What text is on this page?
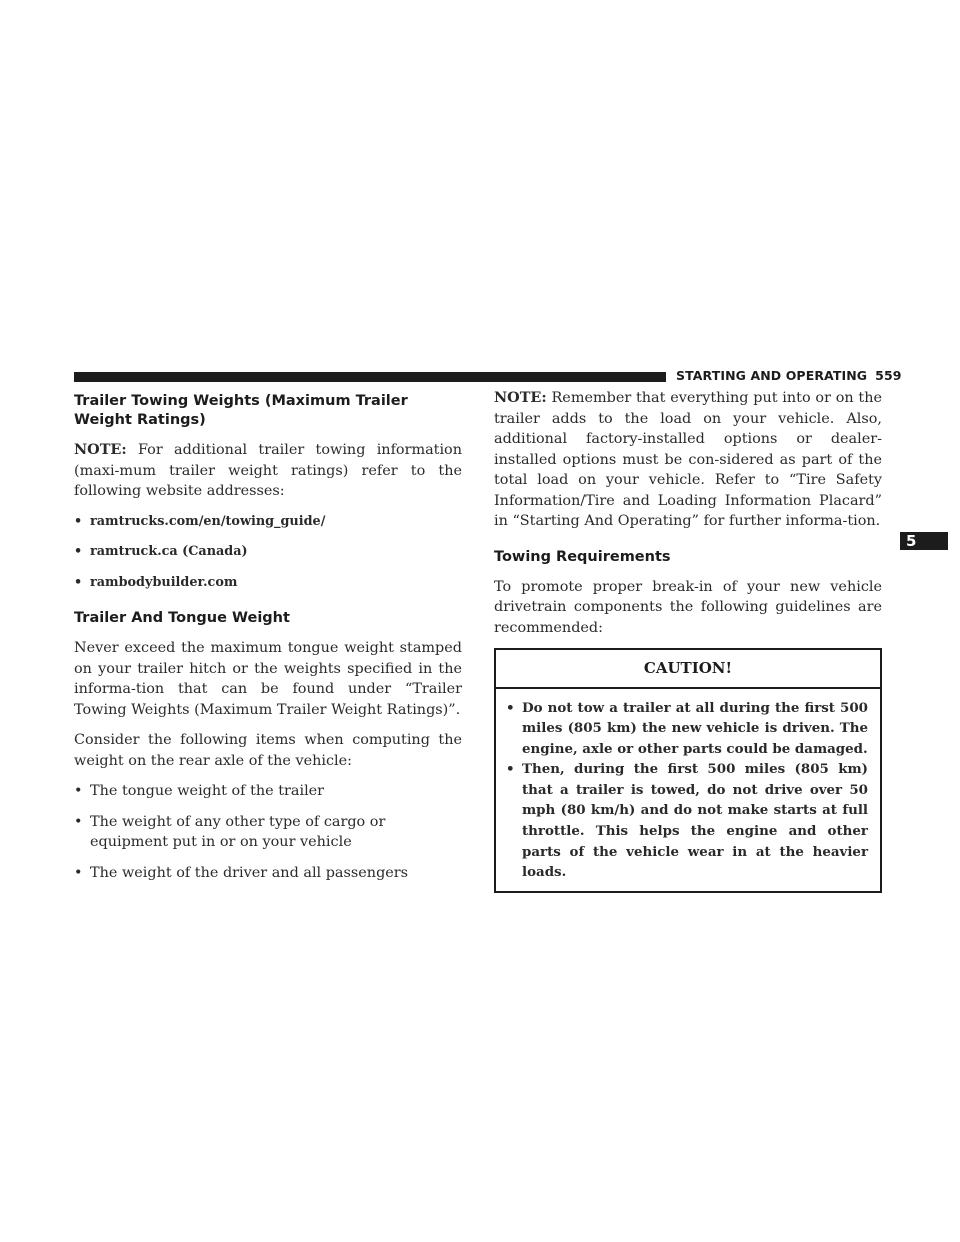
STARTING AND OPERATING 559
5
Trailer Towing Weights (Maximum Trailer Weight Ratings)

NOTE: For additional trailer towing information (maxi-mum trailer weight ratings) refer to the following website addresses:

• ramtrucks.com/en/towing_guide/
• ramtruck.ca (Canada)
• rambodybuilder.com
Trailer And Tongue Weight

Never exceed the maximum tongue weight stamped on your trailer hitch or the weights specified in the informa-tion that can be found under “Trailer Towing Weights (Maximum Trailer Weight Ratings)”.

Consider the following items when computing the weight on the rear axle of the vehicle:

• The tongue weight of the trailer
• The weight of any other type of cargo or equipment put in or on your vehicle
• The weight of the driver and all passengers

NOTE: Remember that everything put into or on the trailer adds to the load on your vehicle. Also, additional factory-installed options or dealer-installed options must be con-sidered as part of the total load on your vehicle. Refer to “Tire Safety Information/Tire and Loading Information Placard” in “Starting And Operating” for further informa-tion.

Towing Requirements

To promote proper break-in of your new vehicle drivetrain components the following guidelines are recommended:

CAUTION!
• Do not tow a trailer at all during the first 500 miles (805 km) the new vehicle is driven. The engine, axle or other parts could be damaged.
• Then, during the first 500 miles (805 km) that a trailer is towed, do not drive over 50 mph (80 km/h) and do not make starts at full throttle. This helps the engine and other parts of the vehicle wear in at the heavier loads.
